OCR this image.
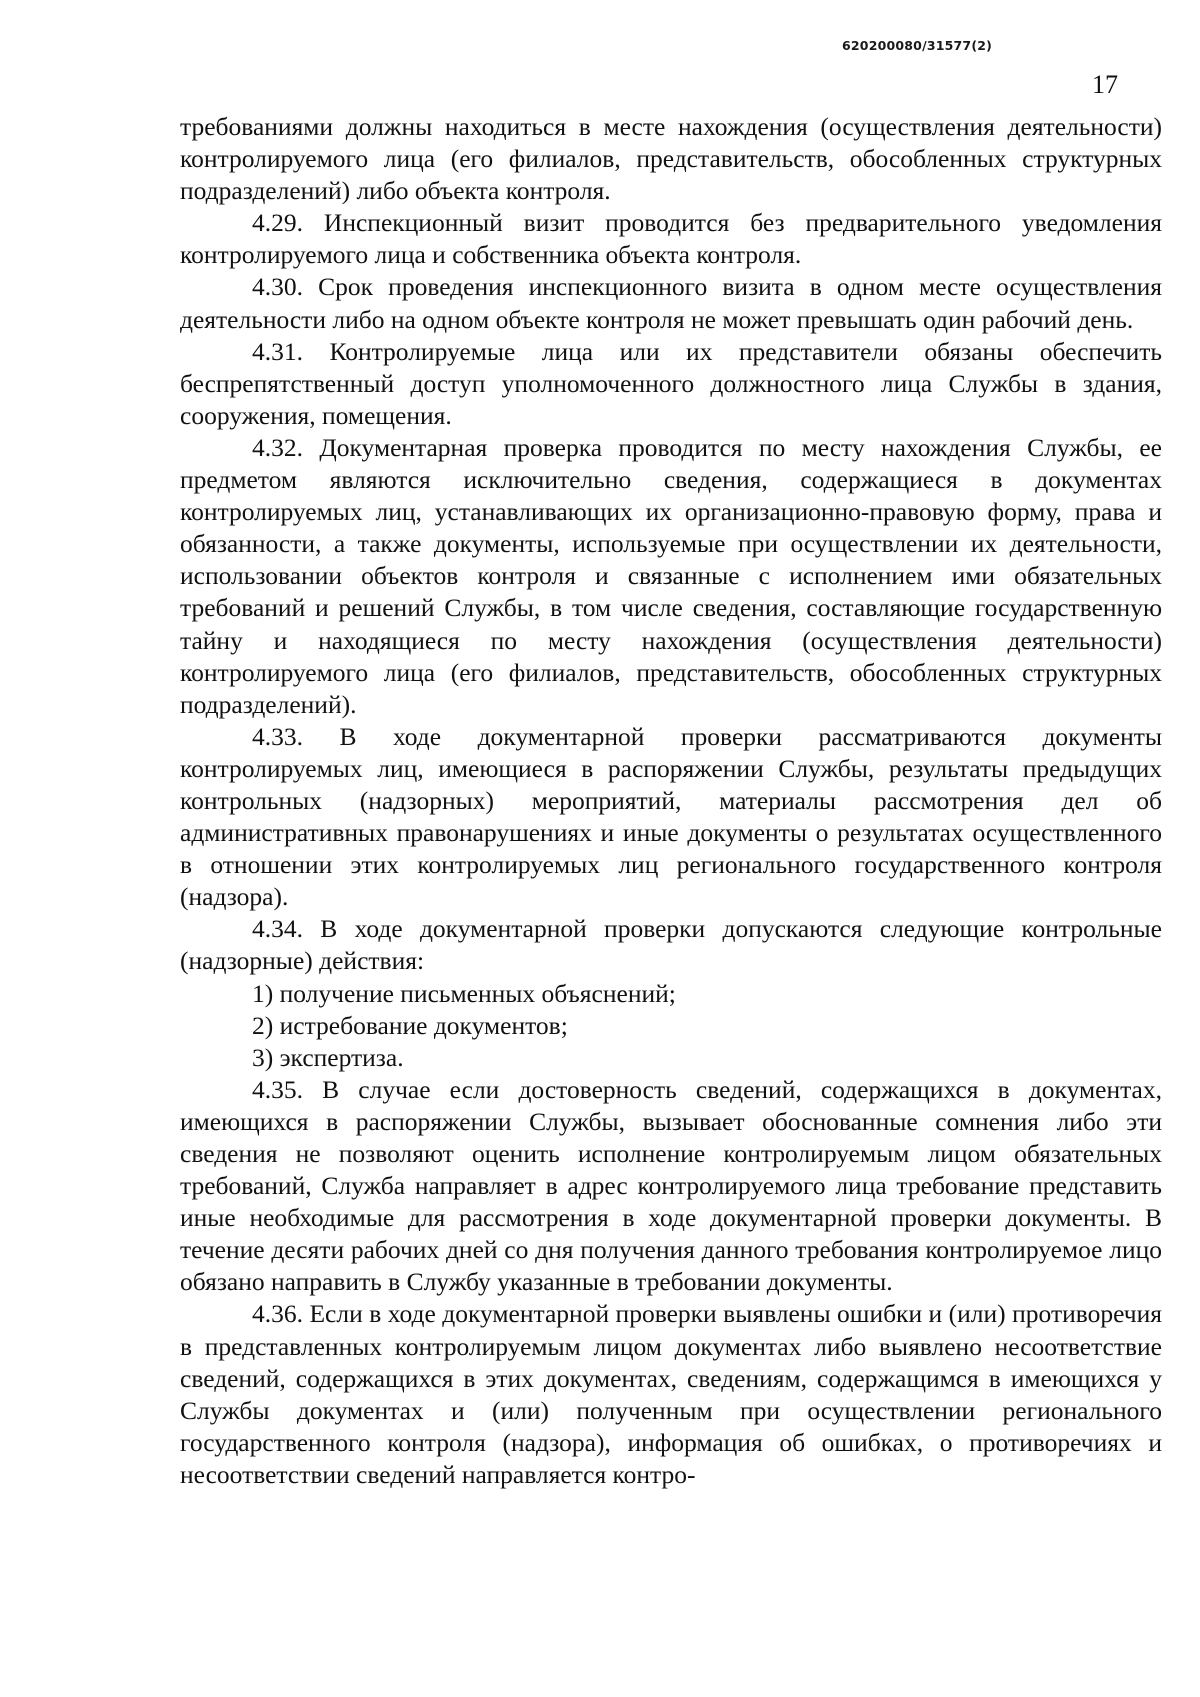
620200080/31577(2)
17

требованиями должны находиться в месте нахождения (осуществления деятельности) контролируемого лица (его филиалов, представительств, обособленных структурных подразделений) либо объекта контроля.

4.29. Инспекционный визит проводится без предварительного уведомления контролируемого лица и собственника объекта контроля.

4.30. Срок проведения инспекционного визита в одном месте осуществления деятельности либо на одном объекте контроля не может превышать один рабочий день.

4.31. Контролируемые лица или их представители обязаны обеспечить беспрепятственный доступ уполномоченного должностного лица Службы в здания, сооружения, помещения.

4.32. Документарная проверка проводится по месту нахождения Службы, ее предметом являются исключительно сведения, содержащиеся в документах контролируемых лиц, устанавливающих их организационно-правовую форму, права и обязанности, а также документы, используемые при осуществлении их деятельности, использовании объектов контроля и связанные с исполнением ими обязательных требований и решений Службы, в том числе сведения, составляющие государственную тайну и находящиеся по месту нахождения (осуществления деятельности) контролируемого лица (его филиалов, представительств, обособленных структурных подразделений).

4.33. В ходе документарной проверки рассматриваются документы контролируемых лиц, имеющиеся в распоряжении Службы, результаты предыдущих контрольных (надзорных) мероприятий, материалы рассмотрения дел об административных правонарушениях и иные документы о результатах осуществленного в отношении этих контролируемых лиц регионального государственного контроля (надзора).

4.34. В ходе документарной проверки допускаются следующие контрольные (надзорные) действия:

1) получение письменных объяснений;

2) истребование документов;

3) экспертиза.

4.35. В случае если достоверность сведений, содержащихся в документах, имеющихся в распоряжении Службы, вызывает обоснованные сомнения либо эти сведения не позволяют оценить исполнение контролируемым лицом обязательных требований, Служба направляет в адрес контролируемого лица требование представить иные необходимые для рассмотрения в ходе документарной проверки документы. В течение десяти рабочих дней со дня получения данного требования контролируемое лицо обязано направить в Службу указанные в требовании документы.

4.36. Если в ходе документарной проверки выявлены ошибки и (или) противоречия в представленных контролируемым лицом документах либо выявлено несоответствие сведений, содержащихся в этих документах, сведениям, содержащимся в имеющихся у Службы документах и (или) полученным при осуществлении регионального государственного контроля (надзора), информация об ошибках, о противоречиях и несоответствии сведений направляется контро-
